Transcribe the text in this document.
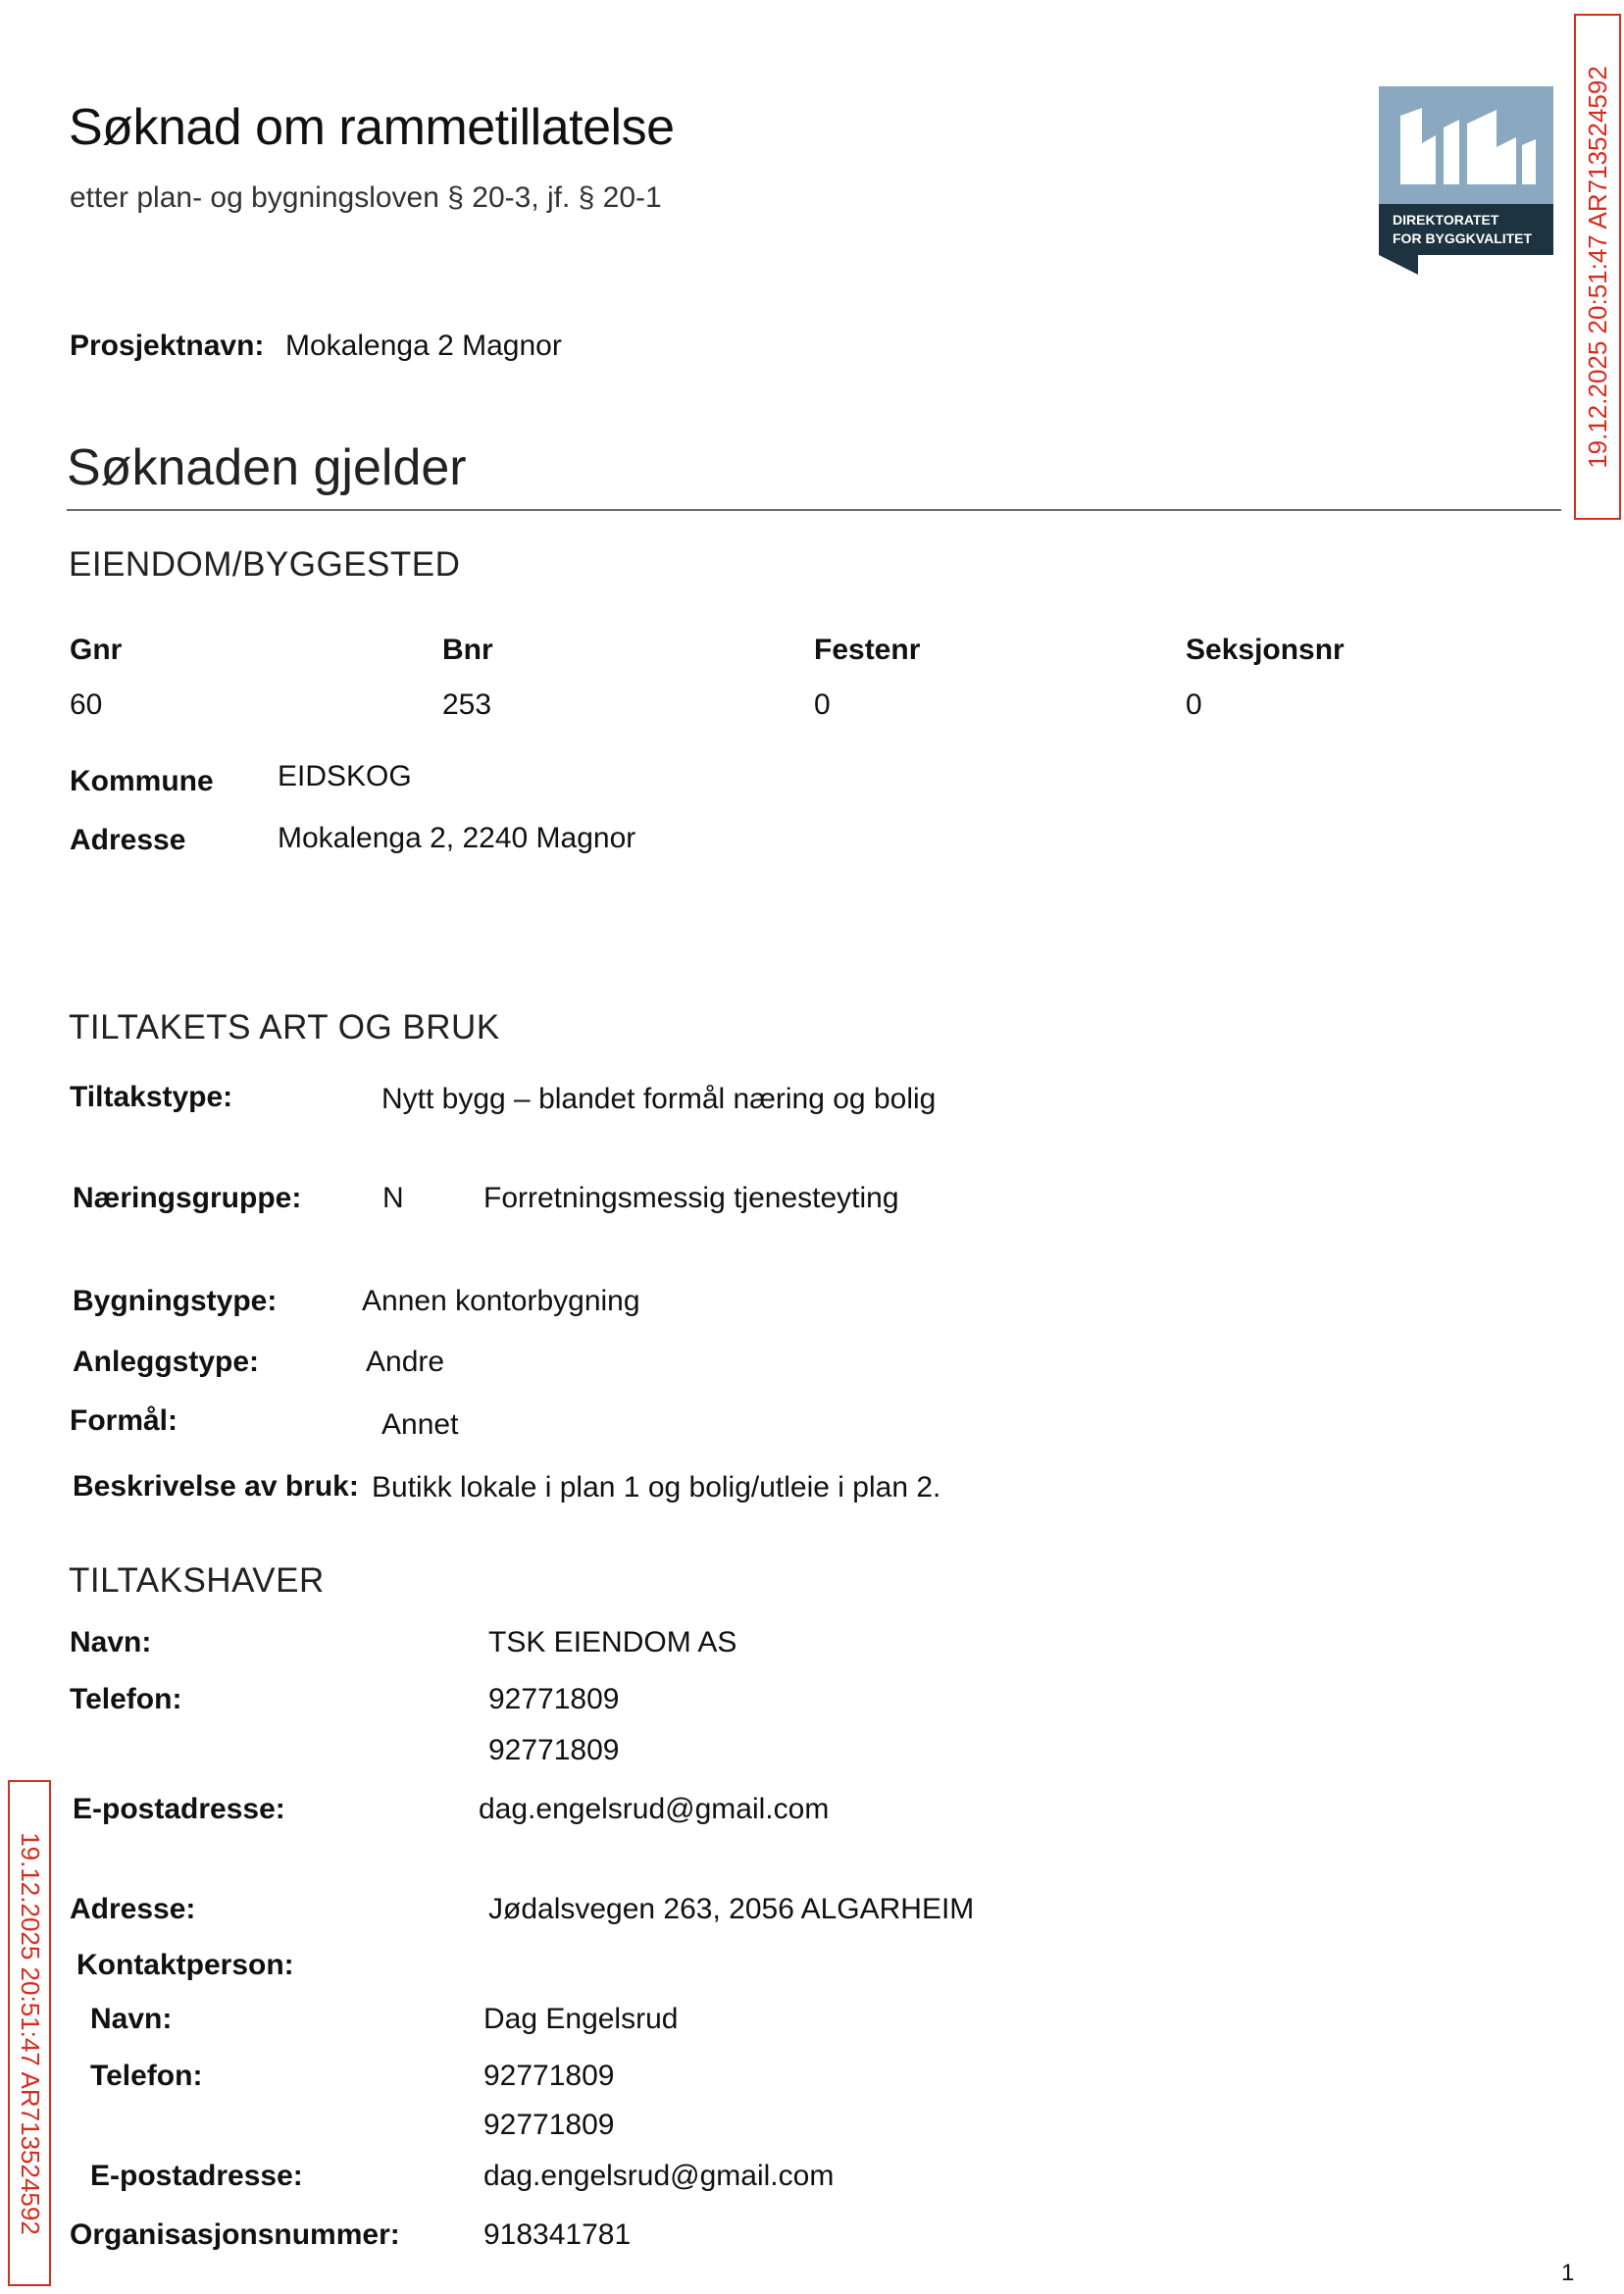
Søknad om rammetillatelse
etter plan- og bygningsloven § 20-3, jf. § 20-1
DIREKTORATET
FOR BYGGKVALITET 19.12.2025 20:51:47 AR713524592
19.12.2025 20:51:47 AR713524592
Prosjektnavn: Mokalenga 2 Magnor
Søknaden gjelder
EIENDOM/BYGGESTED
Gnr	Bnr	Festenr	Seksjonsnr
60	253	0	0
Kommune EIDSKOG
Adresse	Mokalenga 2, 2240 Magnor
TILTAKETS ART OG BRUK
Tiltakstype:	Nytt bygg – blandet formål næring og bolig
Næringsgruppe:	N	Forretningsmessig tjenesteyting
Bygningstype:	Annen kontorbygning
Anleggstype:	Andre
Formål:	Annet
Beskrivelse av bruk: Butikk lokale i plan 1 og bolig/utleie i plan 2.
TILTAKSHAVER
Navn:	TSK EIENDOM AS
Telefon:	92771809
92771809
E-postadresse:	dag.engelsrud@gmail.com
Adresse:	Jødalsvegen 263, 2056 ALGARHEIM
Kontaktperson:
Navn:	Dag Engelsrud
Telefon:	92771809
92771809
E-postadresse:	dag.engelsrud@gmail.com
Organisasjonsnummer:	918341781
1
